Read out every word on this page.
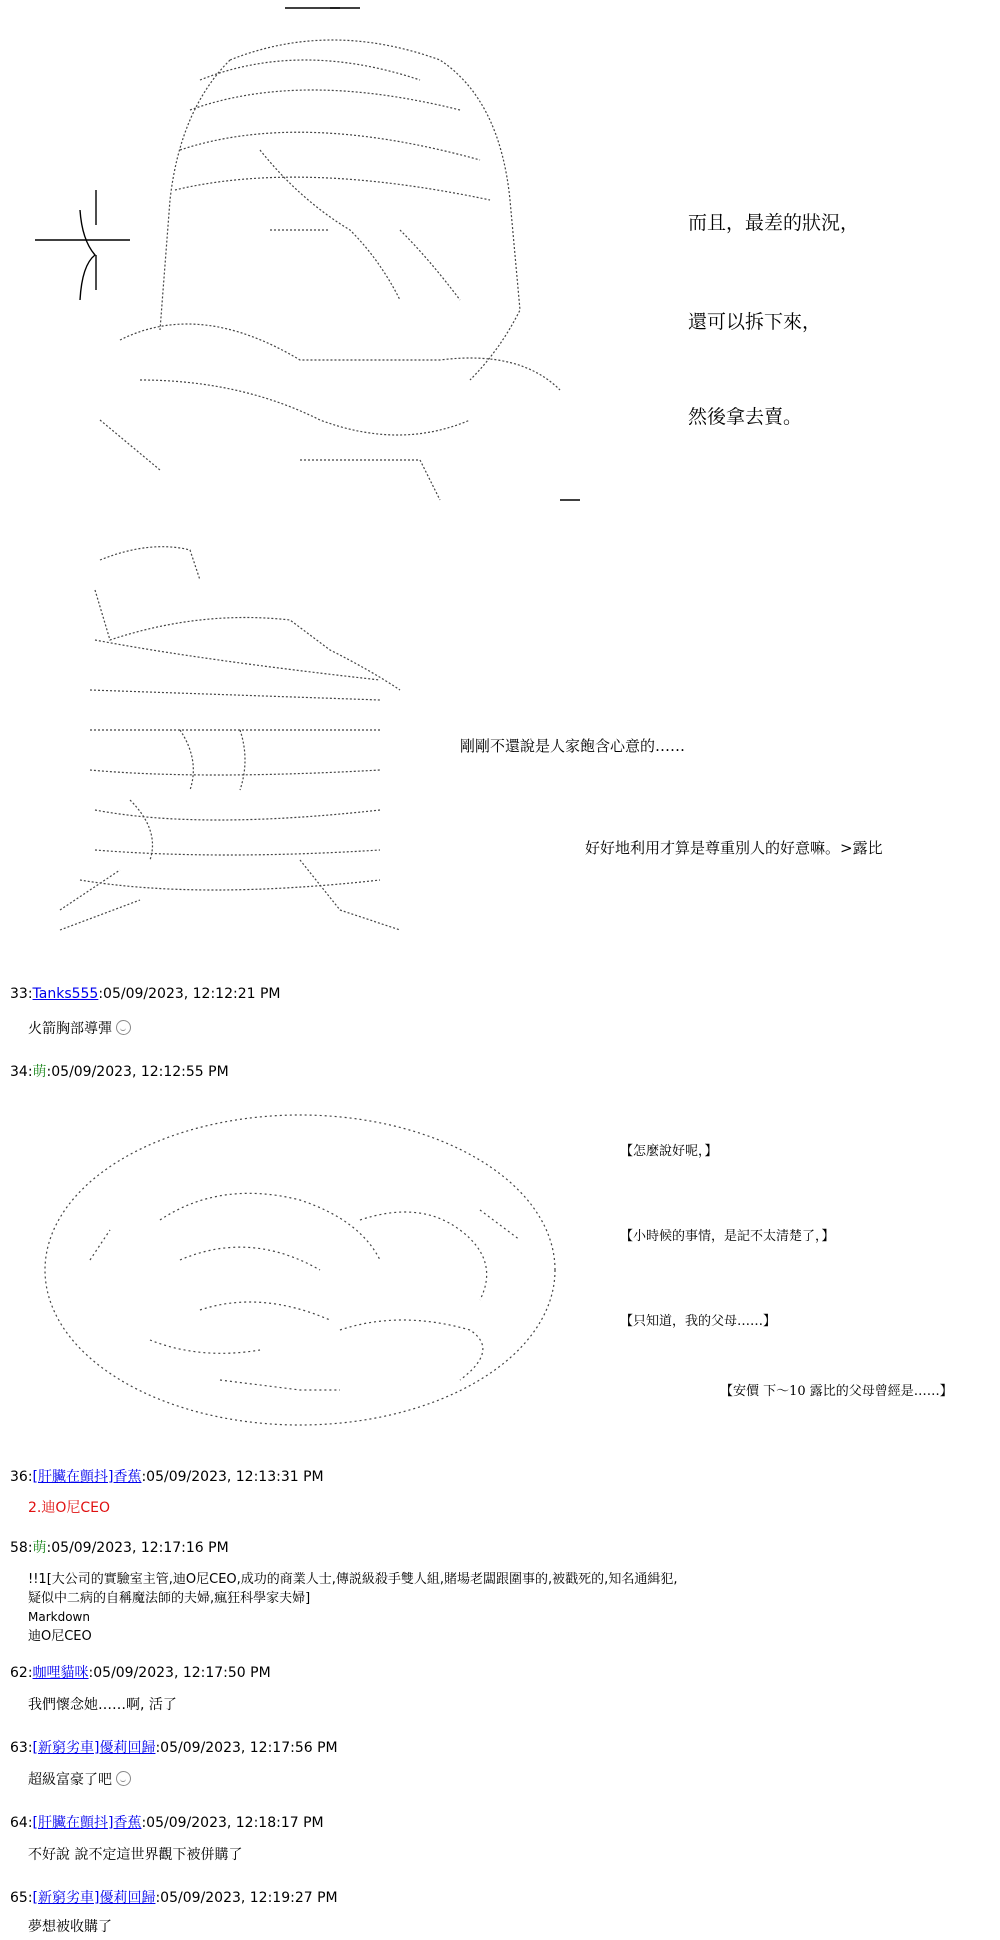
而且，最差的狀況，
還可以拆下來，
然後拿去賣。
剛剛不還說是人家飽含心意的……
好好地利用才算是尊重別人的好意嘛。>露比
33:Tanks555:05/09/2023, 12:12:21 PM
火箭胸部導彈
34:萌:05/09/2023, 12:12:55 PM
【怎麼說好呢，】
【小時候的事情，是記不太清楚了，】
【只知道，我的父母……】
【安價 下～10 露比的父母曾經是……】
36:[肝臟在顫抖]香蕉:05/09/2023, 12:13:31 PM
2.迪O尼CEO
58:萌:05/09/2023, 12:17:16 PM
!!1[大公司的實驗室主管,迪O尼CEO,成功的商業人士,傳説級殺手雙人組,賭場老闆跟圍事的,被戳死的,知名通緝犯,
疑似中二病的自稱魔法師的夫婦,瘋狂科學家夫婦]
Markdown
迪O尼CEO
62:咖哩貓咪:05/09/2023, 12:17:50 PM
我們懷念她……啊, 活了
63:[新窮劣車]優莉回歸:05/09/2023, 12:17:56 PM
超級富豪了吧
64:[肝臟在顫抖]香蕉:05/09/2023, 12:18:17 PM
不好說 說不定這世界觀下被併購了
65:[新窮劣車]優莉回歸:05/09/2023, 12:19:27 PM
夢想被收購了
